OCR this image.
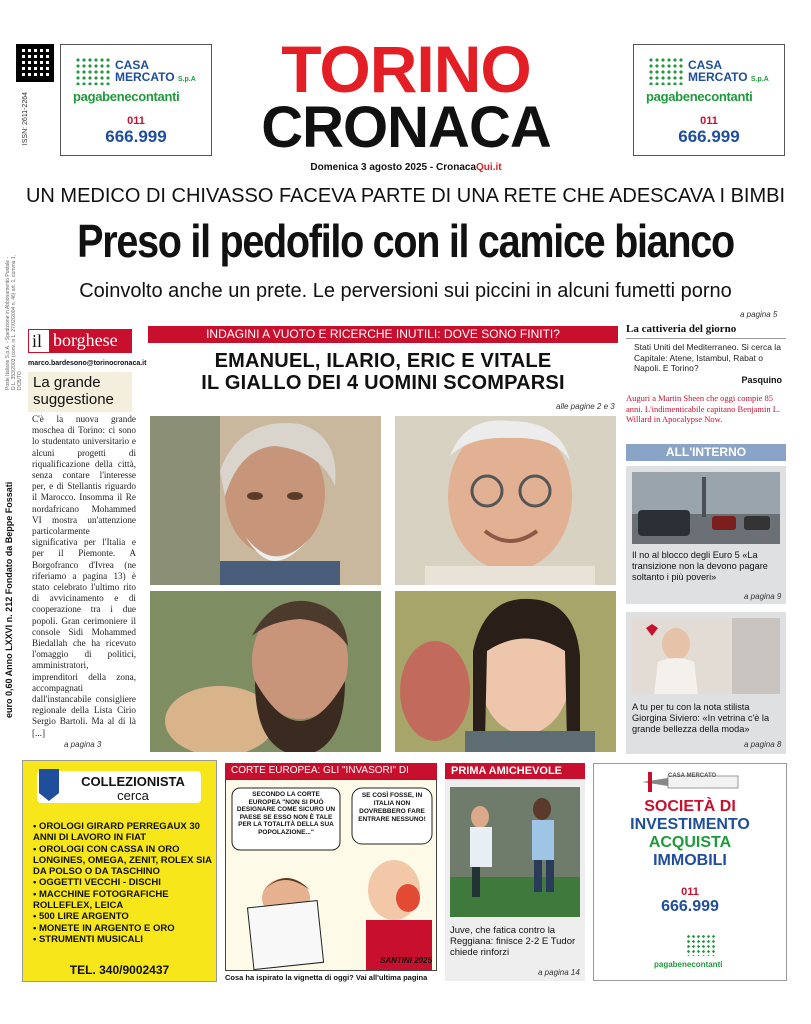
ISSN: 2611-2264
CASA
MERCATO S.p.A
pagabenecontanti
011
666.999
TORINO
CRONACA
Domenica 3 agosto 2025 - CronacaQui.it
CASA
MERCATO S.p.A
pagabenecontanti
011
666.999
UN MEDICO DI CHIVASSO FACEVA PARTE DI UNA RETE CHE ADESCAVA I BIMBI
Preso il pedofilo con il camice bianco
Coinvolto anche un prete. Le perversioni sui piccini in alcuni fumetti porno
a pagina 5
euro 0,60 Anno LXXVI n. 212 Fondato da Beppe Fossati
Poste Italiane S.p.A. - Spedizione in Abbonamento Postale - D.L. 353/2003 (conv. in L. 27/02/2004 n. 46) art. 1, comma 1, DCB/TO
il borghese
marco.bardesono@torinocronaca.it
La grande suggestione
C'è la nuova grande moschea di Torino: ci sono lo studentato universitario e alcuni progetti di riqualificazione della città, senza contare l'interesse per, e di Stellantis riguardo il Marocco. Insomma il Re nordafricano Mohammed VI mostra un'attenzione particolarmente significativa per l'Italia e per il Piemonte. A Borgofranco d'Ivrea (ne riferiamo a pagina 13) è stato celebrato l'ultimo rito di avvicinamento e di cooperazione tra i due popoli. Gran cerimoniere il console Sidi Mohammed Biedallah che ha ricevuto l'omaggio di politici, amministratori, imprenditori della zona, accompagnati dall'instancabile consigliere regionale della Lista Cirio Sergio Bartoli. Ma al di là [...]
a pagina 3
INDAGINI A VUOTO E RICERCHE INUTILI: DOVE SONO FINITI?
EMANUEL, ILARIO, ERIC E VITALE
IL GIALLO DEI 4 UOMINI SCOMPARSI
alle pagine 2 e 3
La cattiveria del giorno
Stati Uniti del Mediterraneo. Si cerca la Capitale: Atene, Istambul, Rabat o Napoli. E Torino?
Pasquino
Auguri a Martin Sheen che oggi compie 85 anni. L'indimenticabile capitano Benjamin L. Willard in Apocalypse Now.
ALL'INTERNO
Il no al blocco degli Euro 5 «La transizione non la devono pagare soltanto i più poveri»
a pagina 9
A tu per tu con la nota stilista Giorgina Siviero: «In vetrina c'è la grande bellezza della moda»
a pagina 8
COLLEZIONISTA
cerca
• OROLOGI GIRARD PERREGAUX 30 ANNI DI LAVORO IN FIAT
• OROLOGI CON CASSA IN ORO LONGINES, OMEGA, ZENIT, ROLEX SIA DA POLSO O DA TASCHINO
• OGGETTI VECCHI - DISCHI
• MACCHINE FOTOGRAFICHE ROLLEFLEX, LEICA
• 500 LIRE ARGENTO
• MONETE IN ARGENTO E ORO
• STRUMENTI MUSICALI
TEL. 340/9002437
CORTE EUROPEA: GLI "INVASORI" DI
SECONDO LA CORTE EUROPEA "NON SI PUÒ DESIGNARE COME SICURO UN PAESE SE ESSO NON È TALE PER LA TOTALITÀ DELLA SUA POPOLAZIONE..."
SE COSÌ FOSSE, IN ITALIA NON DOVREBBERO FARE ENTRARE NESSUNO!
SANTINI 2025
Cosa ha ispirato la vignetta di oggi? Vai all'ultima pagina
PRIMA AMICHEVOLE
Juve, che fatica contro la Reggiana: finisce 2-2 E Tudor chiede rinforzi
a pagina 14
CASA MERCATO
SOCIETÀ DI
INVESTIMENTO
ACQUISTA
IMMOBILI
011
666.999
pagabenecontanti
